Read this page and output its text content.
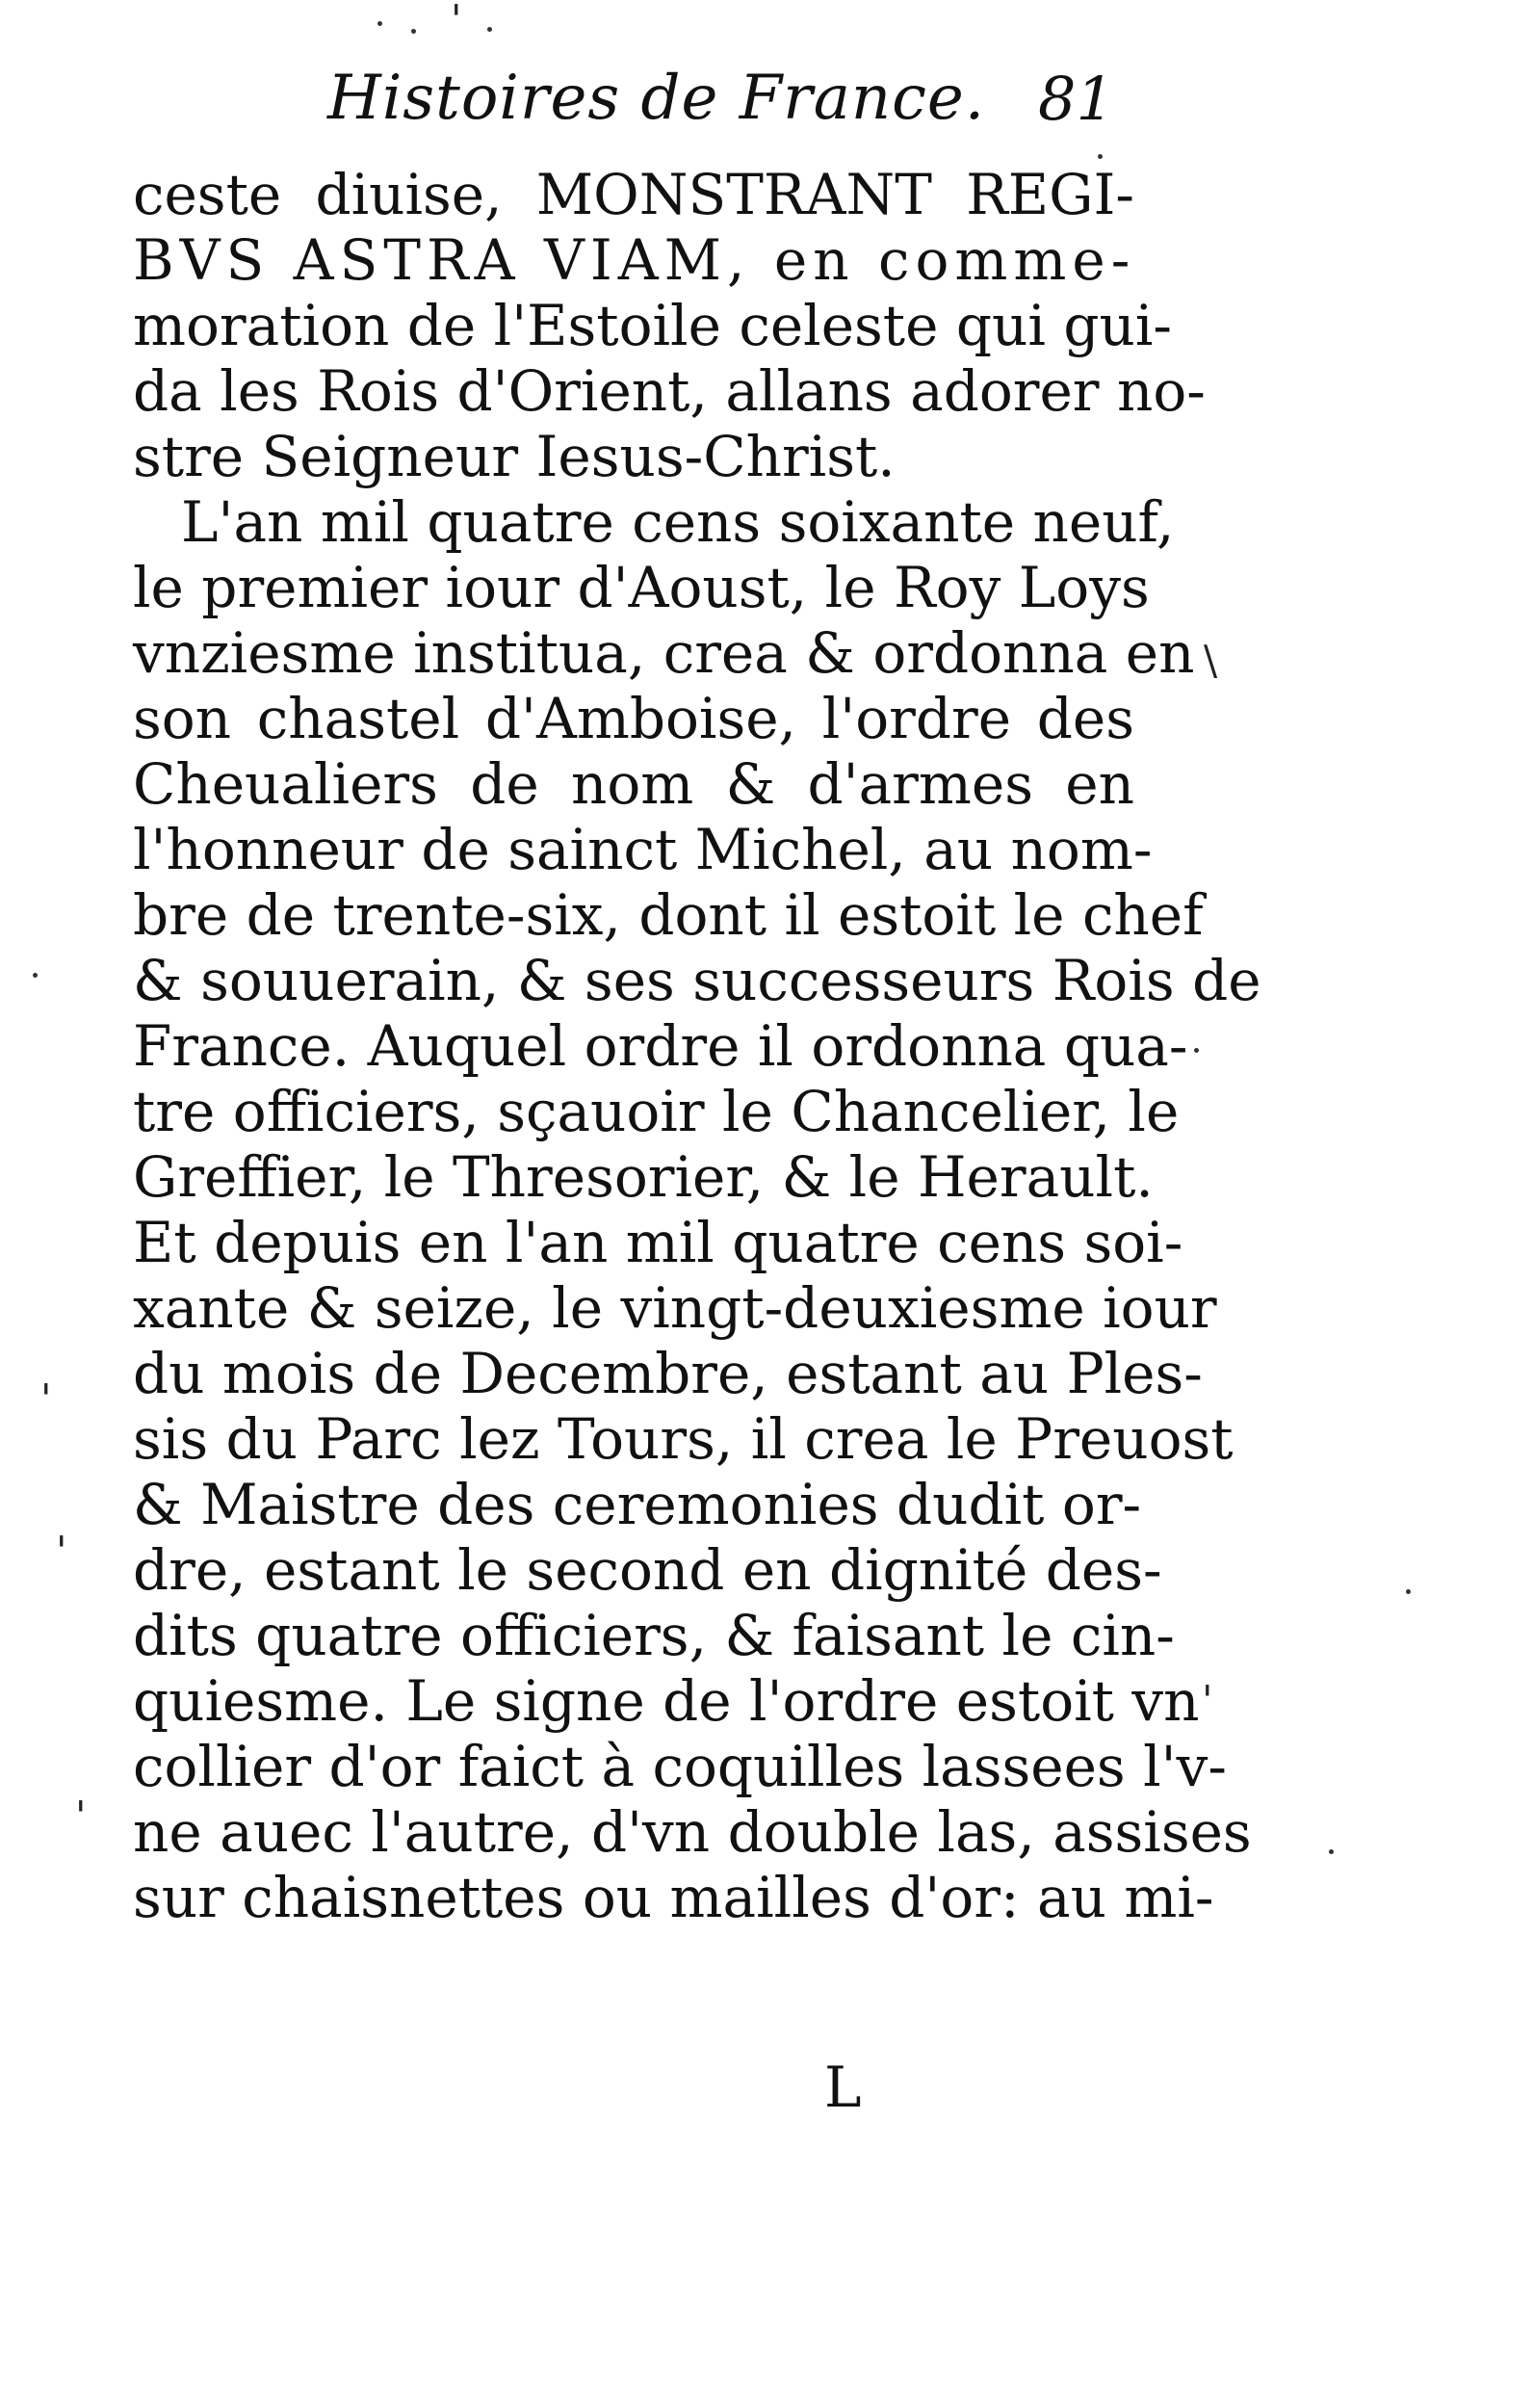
Histoires de France. 81
ceste diuise, MONSTRANT REGI-
BVS ASTRA VIAM, en comme-
moration de l'Estoile celeste qui gui-
da les Rois d'Orient, allans adorer no-
stre Seigneur Iesus-Christ.
L'an mil quatre cens soixante neuf,
le premier iour d'Aoust, le Roy Loys
vnziesme institua, crea & ordonna en
son chastel d'Amboise, l'ordre des
Cheualiers de nom & d'armes en
l'honneur de sainct Michel, au nom-
bre de trente-six, dont il estoit le chef
& souuerain, & ses successeurs Rois de
France. Auquel ordre il ordonna qua-
tre officiers, sçauoir le Chancelier, le
Greffier, le Thresorier, & le Herault.
Et depuis en l'an mil quatre cens soi-
xante & seize, le vingt-deuxiesme iour
du mois de Decembre, estant au Ples-
sis du Parc lez Tours, il crea le Preuost
& Maistre des ceremonies dudit or-
dre, estant le second en dignité des-
dits quatre officiers, & faisant le cin-
quiesme. Le signe de l'ordre estoit vn
collier d'or faict à coquilles lassees l'v-
ne auec l'autre, d'vn double las, assises
sur chaisnettes ou mailles d'or: au mi-
L
\
'
'
'
'
'
